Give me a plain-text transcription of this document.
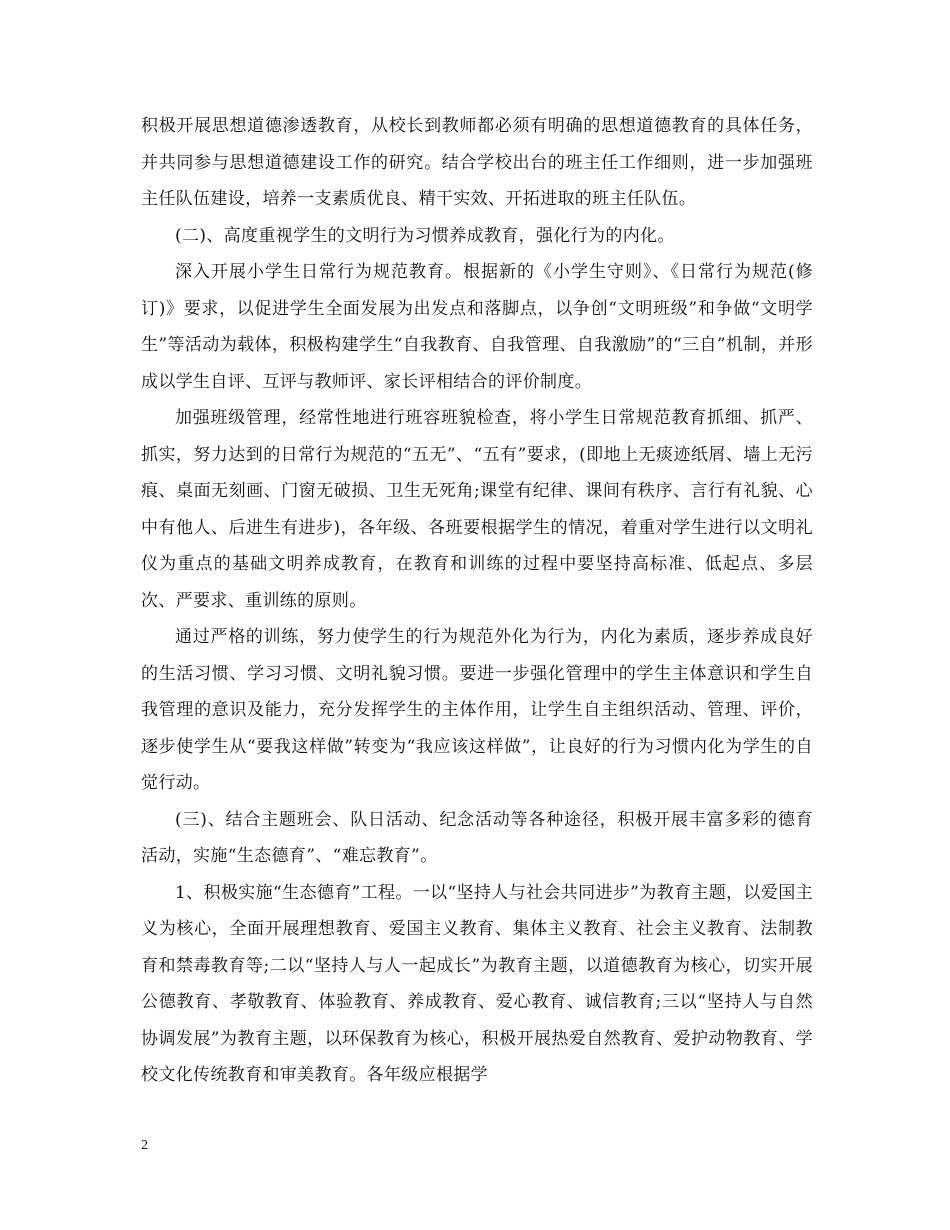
积极开展思想道德渗透教育，从校长到教师都必须有明确的思想道德教育的具体任务，并共同参与思想道德建设工作的研究。结合学校出台的班主任工作细则，进一步加强班主任队伍建设，培养一支素质优良、精干实效、开拓进取的班主任队伍。

(二)、高度重视学生的文明行为习惯养成教育，强化行为的内化。

深入开展小学生日常行为规范教育。根据新的《小学生守则》、《日常行为规范(修订)》要求，以促进学生全面发展为出发点和落脚点，以争创“文明班级”和争做“文明学生”等活动为载体，积极构建学生“自我教育、自我管理、自我激励”的“三自”机制，并形成以学生自评、互评与教师评、家长评相结合的评价制度。

加强班级管理，经常性地进行班容班貌检查，将小学生日常规范教育抓细、抓严、抓实，努力达到的日常行为规范的“五无”、“五有”要求，(即地上无痰迹纸屑、墙上无污痕、桌面无刻画、门窗无破损、卫生无死角;课堂有纪律、课间有秩序、言行有礼貌、心中有他人、后进生有进步)，各年级、各班要根据学生的情况，着重对学生进行以文明礼仪为重点的基础文明养成教育，在教育和训练的过程中要坚持高标准、低起点、多层次、严要求、重训练的原则。

通过严格的训练，努力使学生的行为规范外化为行为，内化为素质，逐步养成良好的生活习惯、学习习惯、文明礼貌习惯。要进一步强化管理中的学生主体意识和学生自我管理的意识及能力，充分发挥学生的主体作用，让学生自主组织活动、管理、评价，逐步使学生从“要我这样做”转变为“我应该这样做”，让良好的行为习惯内化为学生的自觉行动。

(三)、结合主题班会、队日活动、纪念活动等各种途径，积极开展丰富多彩的德育活动，实施“生态德育”、“难忘教育”。

1、积极实施“生态德育”工程。一以“坚持人与社会共同进步”为教育主题，以爱国主义为核心，全面开展理想教育、爱国主义教育、集体主义教育、社会主义教育、法制教育和禁毒教育等;二以“坚持人与人一起成长”为教育主题，以道德教育为核心，切实开展公德教育、孝敬教育、体验教育、养成教育、爱心教育、诚信教育;三以“坚持人与自然协调发展”为教育主题，以环保教育为核心，积极开展热爱自然教育、爱护动物教育、学校文化传统教育和审美教育。各年级应根据学

2
